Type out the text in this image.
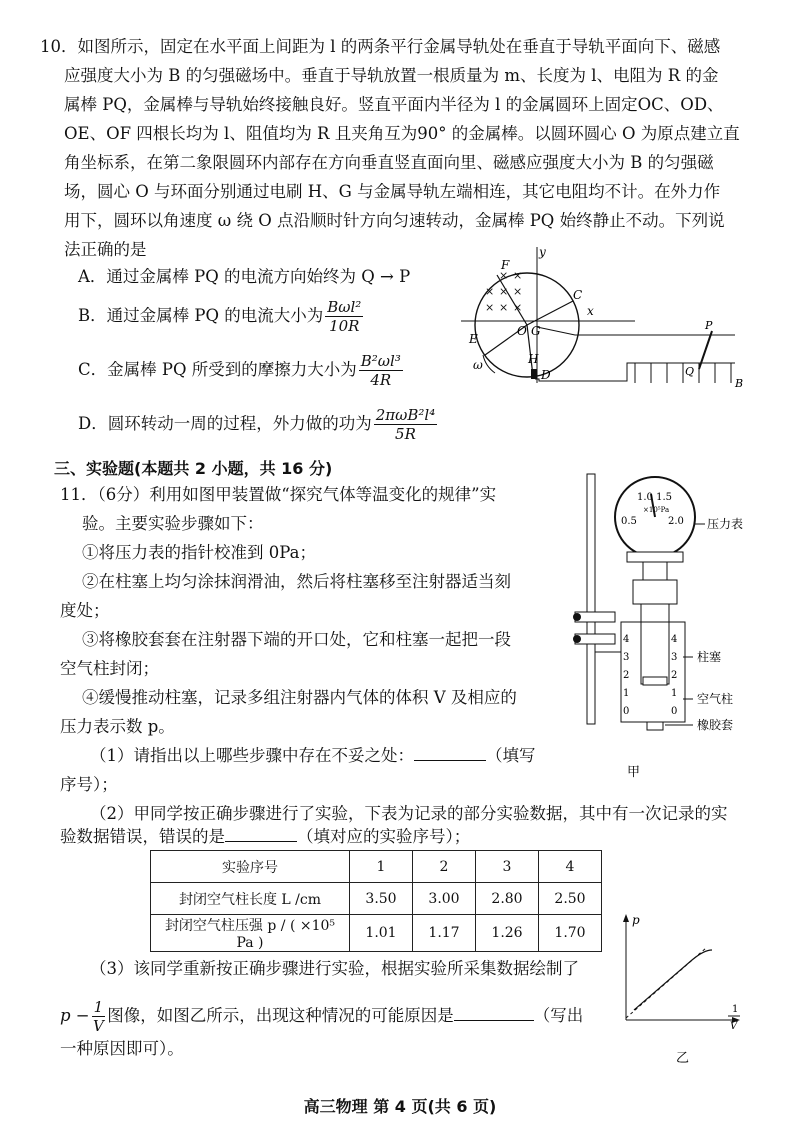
10．如图所示，固定在水平面上间距为 l 的两条平行金属导轨处在垂直于导轨平面向下、磁感
应强度大小为 B 的匀强磁场中。垂直于导轨放置一根质量为 m、长度为 l、电阻为 R 的金
属棒 PQ，金属棒与导轨始终接触良好。竖直平面内半径为 l 的金属圆环上固定OC、OD、
OE、OF 四根长均为 l、阻值均为 R 且夹角互为90° 的金属棒。以圆环圆心 O 为原点建立直
角坐标系，在第二象限圆环内部存在方向垂直竖直面向里、磁感应强度大小为 B 的匀强磁
场，圆心 O 与环面分别通过电刷 H、G 与金属导轨左端相连，其它电阻均不计。在外力作
用下，圆环以角速度 ω 绕 O 点沿顺时针方向匀速转动，金属棒 PQ 始终静止不动。下列说
法正确的是
A．通过金属棒 PQ 的电流方向始终为 Q → P
B．通过金属棒 PQ 的电流大小为 $\frac{\text{Bωl²}}{10R}$
C．金属棒 PQ 所受到的摩擦力大小为 $\frac{\text{B²ωl³}}{4R}$
D．圆环转动一周的过程，外力做的功为 $\frac{\text{2πωB²l⁴}}{5R}$
y
x
× ×
× × ×
× × ×
F
C
O G
E
H
D
ω
P
Q
B
三、实验题(本题共 2 小题，共 16 分)
11．（6分）利用如图甲装置做“探究气体等温变化的规律”实
验。主要实验步骤如下：
①将压力表的指针校准到 0Pa；
②在柱塞上均匀涂抹润滑油，然后将柱塞移至注射器适当刻
度处；
③将橡胶套套在注射器下端的开口处，它和柱塞一起把一段
空气柱封闭；
④缓慢推动柱塞，记录多组注射器内气体的体积 V 及相应的
压力表示数 p。
（1）请指出以上哪些步骤中存在不妥之处：	（填写
序号）；
（2）甲同学按正确步骤进行了实验，下表为记录的部分实验数据，其中有一次记录的实
验数据错误，错误的是	（填对应的实验序号）；
实验序号	1	2	3	4
封闭空气柱长度 L /cm	3.50	3.00	2.80	2.50
封闭空气柱压强 p / ( ×10⁵ Pa )	1.01	1.17	1.26	1.70
（3）该同学重新按正确步骤进行实验，根据实验所采集数据绘制了
$p - \frac{1}{V}$ 图像，如图乙所示，出现这种情况的可能原因是	（写出
一种原因即可）。
1.0 1.5
×10⁵Pa
0.5	2.0 压力表
4
3
2
1
0
4
3
2
1
0
柱塞
空气柱
橡胶套
甲
p
1
V
乙
高三物理 第 4 页(共 6 页)
